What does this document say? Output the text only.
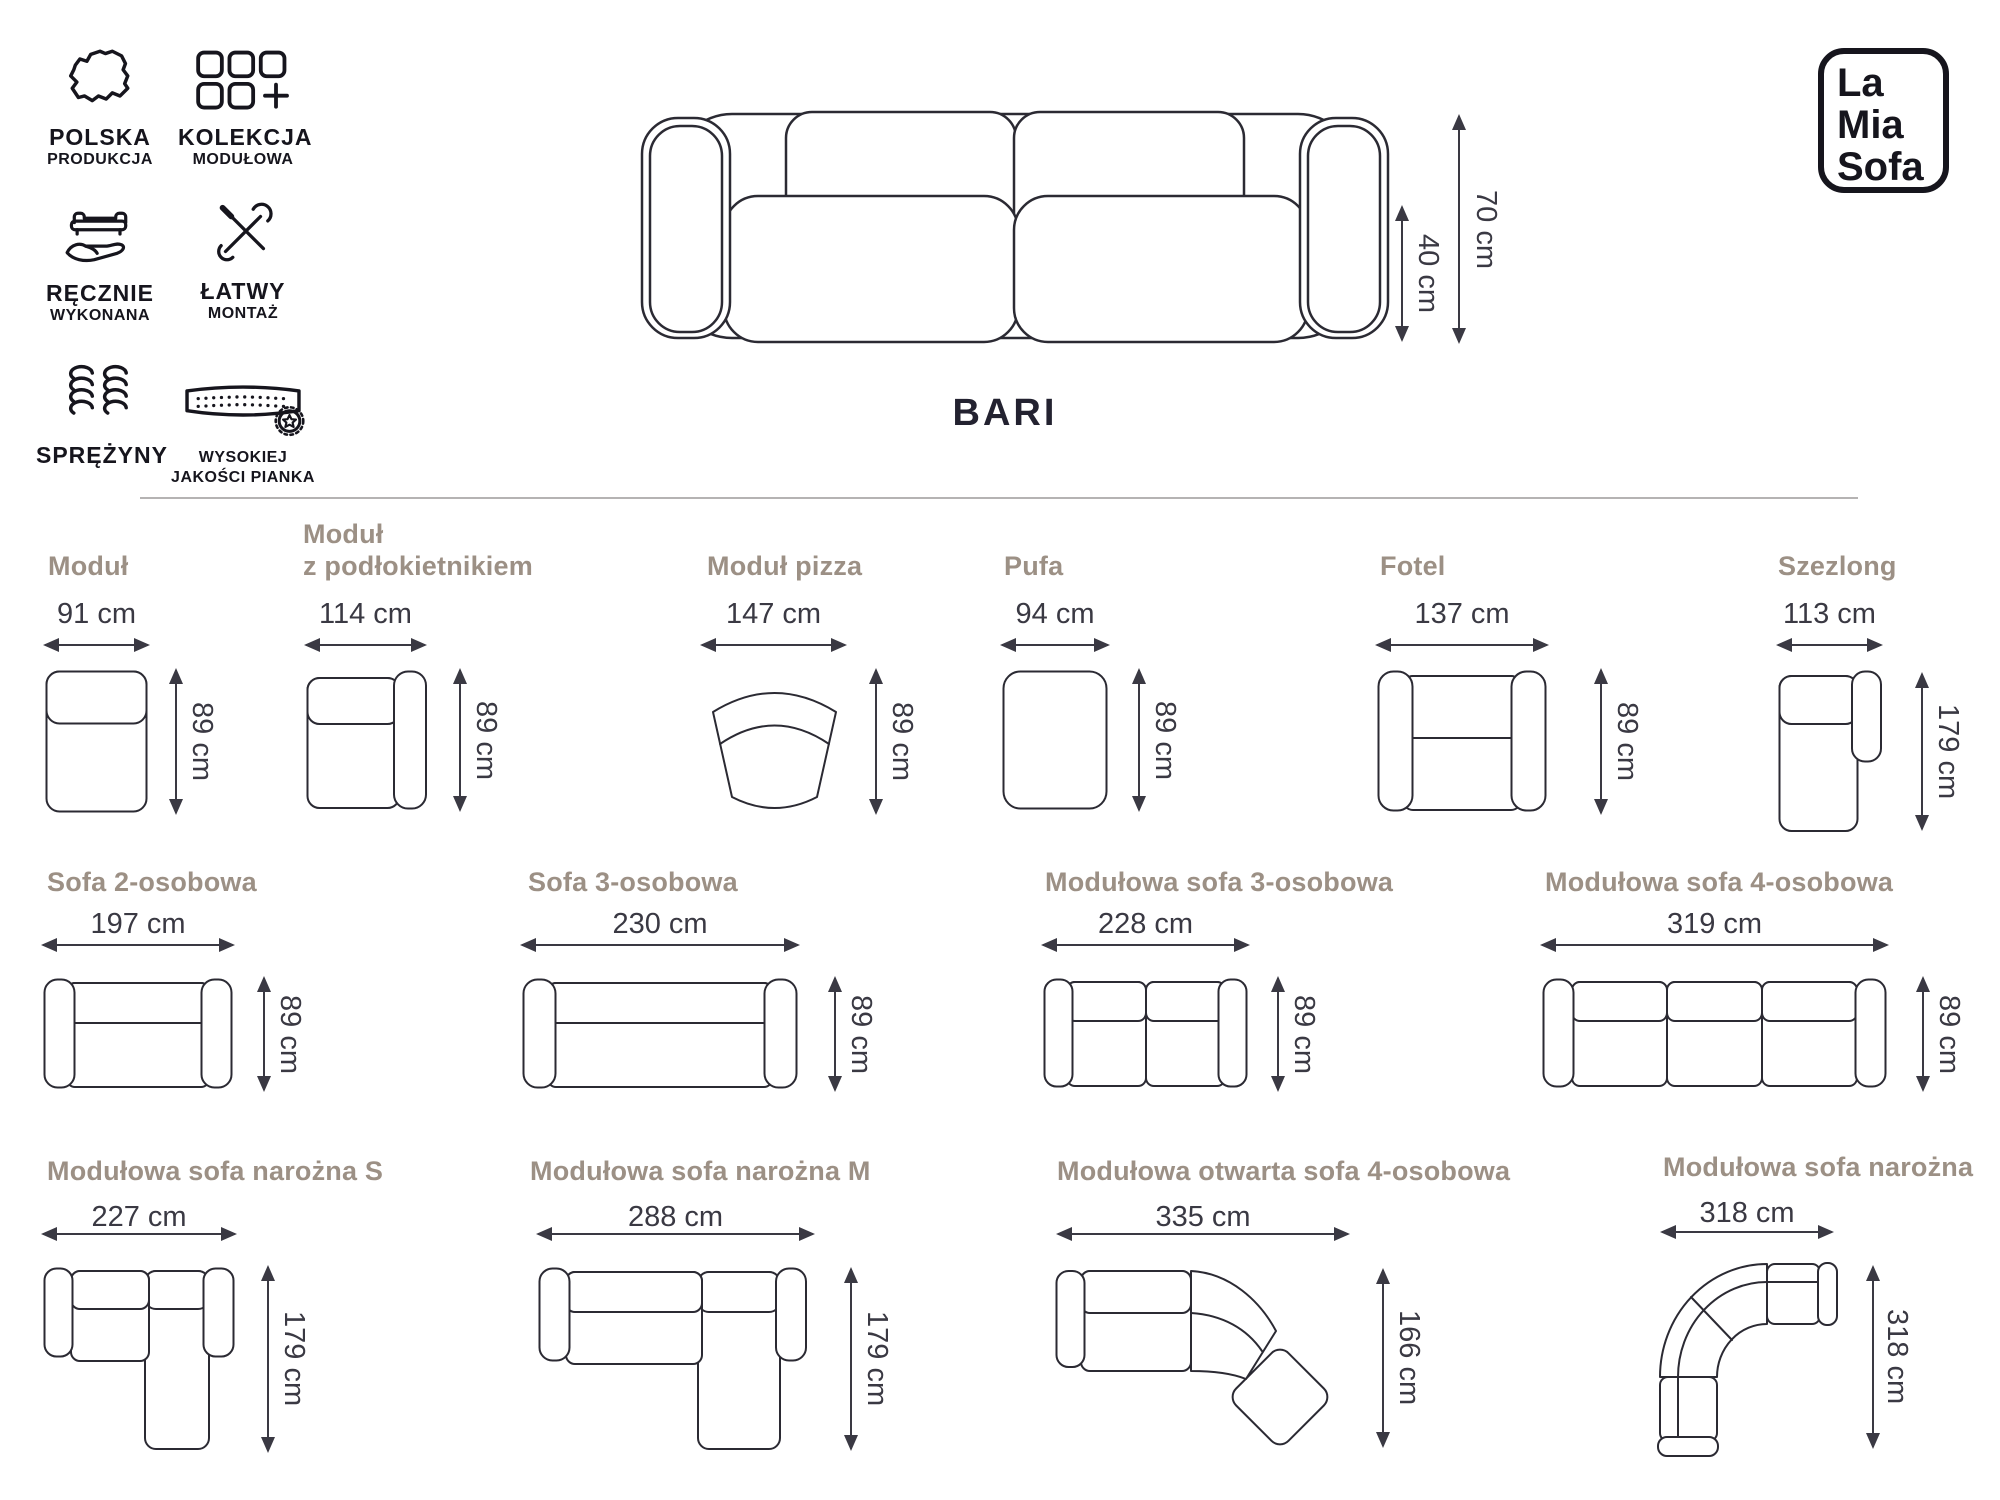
POLSKA
PRODUKCJA
KOLEKCJA
MODUŁOWA
RĘCZNIE
WYKONANA
ŁATWY
MONTAŻ
SPRĘŻYNY	WYSOKIEJ
JAKOŚCI PIANKA
La
Mia
Sofa
40 cm
70 cm
BARI
Moduł
91 cm
89 cm
Moduł
z podłokietnikiem
114 cm
89 cm
Moduł pizza
147 cm
89 cm
Pufa
94 cm
89 cm
Fotel
137 cm
89 cm
Szezlong
113 cm
179 cm
Sofa 2-osobowa
197 cm
89 cm
Sofa 3-osobowa
230 cm
89 cm
Modułowa sofa 3-osobowa
228 cm
89 cm
Modułowa sofa 4-osobowa
319 cm
89 cm
Modułowa sofa narożna S
227 cm
179 cm
Modułowa sofa narożna M
288 cm
179 cm
Modułowa otwarta sofa 4-osobowa
335 cm
166 cm
Modułowa sofa narożna
318 cm
318 cm
